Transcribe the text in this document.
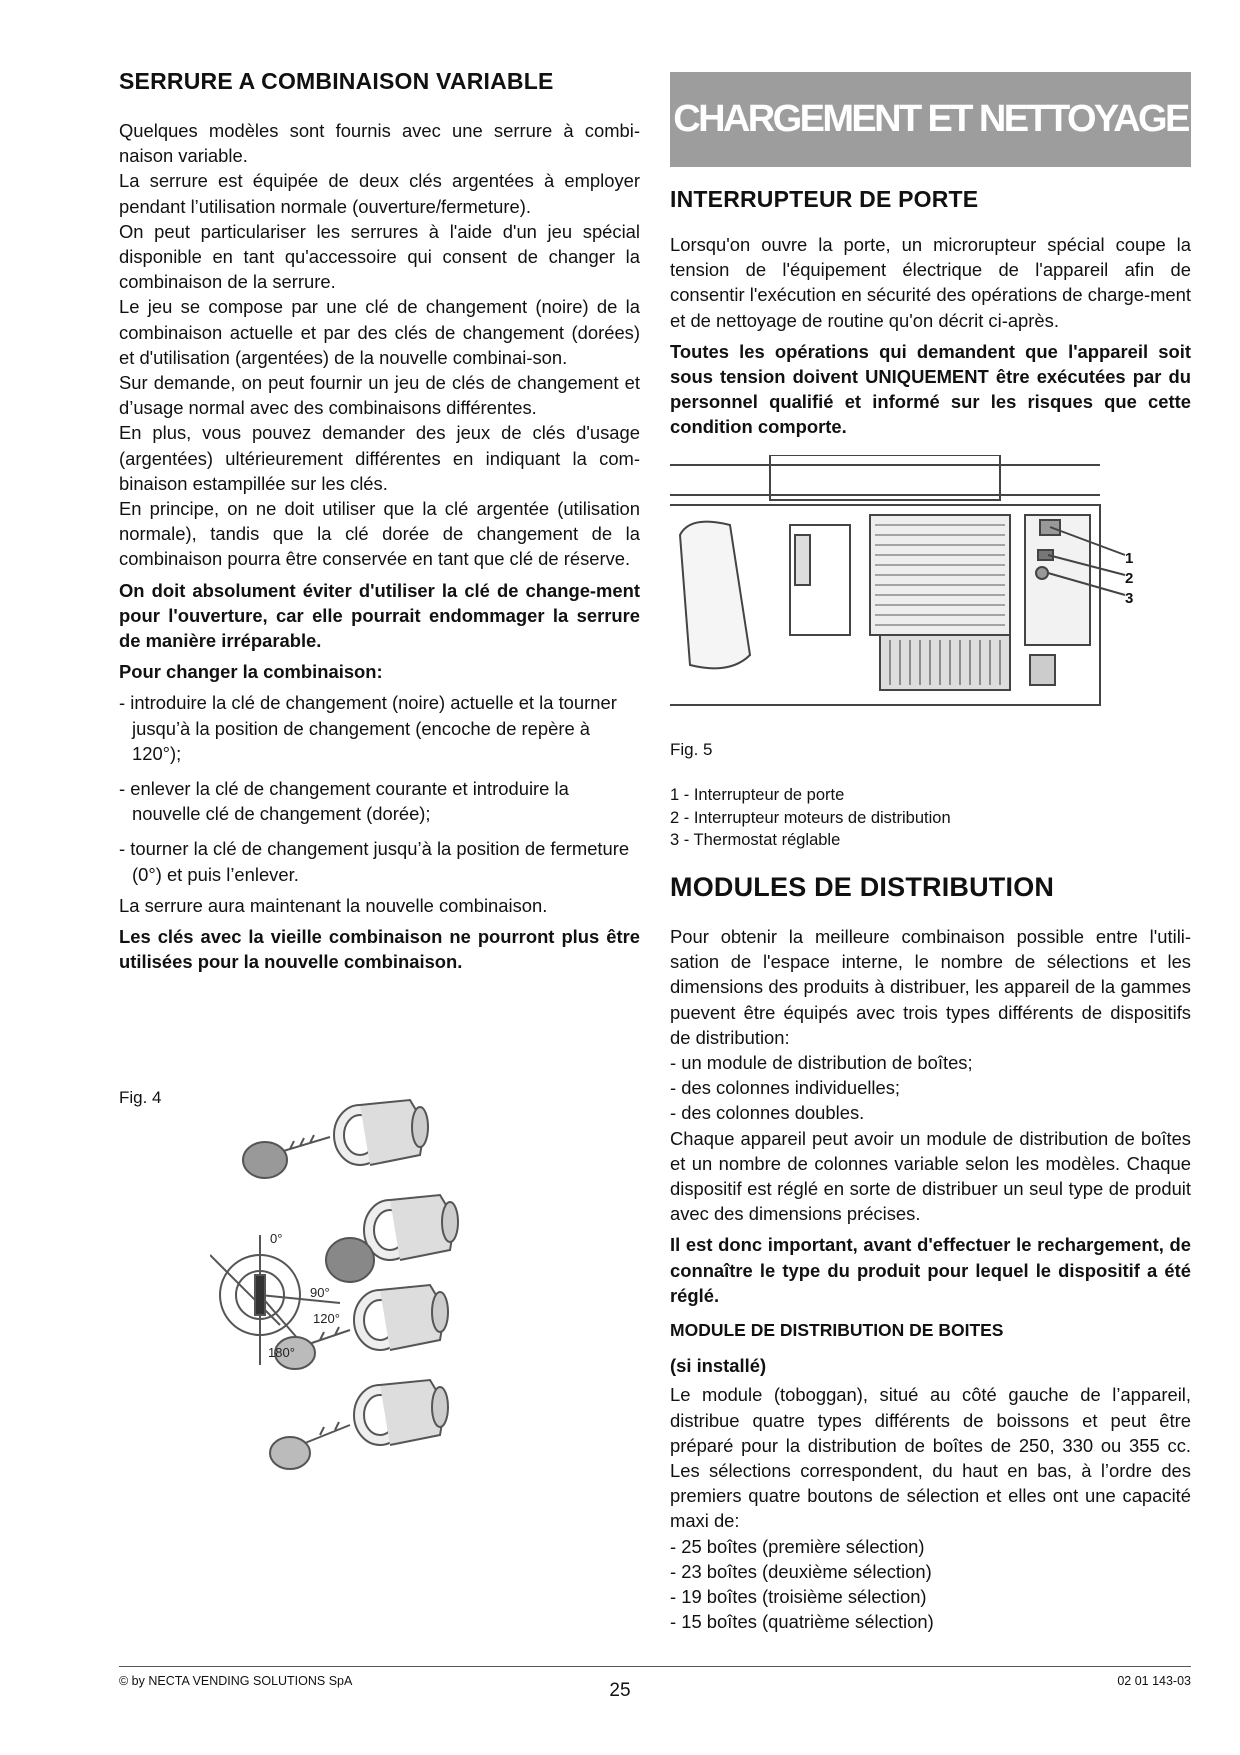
SERRURE A COMBINAISON VARIABLE

Quelques modèles sont fournis avec une serrure à combi-naison variable.

La serrure est équipée de deux clés argentées à employer pendant l’utilisation normale (ouverture/fermeture).

On peut particulariser les serrures à l'aide d'un jeu spécial disponible en tant qu'accessoire qui consent de changer la combinaison de la serrure.

Le jeu se compose par une clé de changement (noire) de la combinaison actuelle et par des clés de changement (dorées) et d'utilisation (argentées) de la nouvelle combinai-son.

Sur demande, on peut fournir un jeu de clés de changement et d’usage normal avec des combinaisons différentes.

En plus, vous pouvez demander des jeux de clés d'usage (argentées) ultérieurement différentes en indiquant la com-binaison estampillée sur les clés.

En principe, on ne doit utiliser que la clé argentée (utilisation normale), tandis que la clé dorée de changement de la combinaison pourra être conservée en tant que clé de réserve.

On doit absolument éviter d'utiliser la clé de change-ment pour l'ouverture, car elle pourrait endommager la serrure de manière irréparable.

Pour changer la combinaison:

- introduire la clé de changement (noire) actuelle et la tourner jusqu’à la position de changement (encoche de repère à 120°);

- enlever la clé de changement courante et introduire la nouvelle clé de changement (dorée);

- tourner la clé de changement jusqu’à la position de fermeture (0°) et puis l’enlever.

La serrure aura maintenant la nouvelle combinaison.

Les clés avec la vieille combinaison ne pourront plus être utilisées pour la nouvelle combinaison.

Fig. 4
0°
90°
120°
180°
CHARGEMENT ET NETTOYAGE
INTERRUPTEUR DE PORTE

Lorsqu'on ouvre la porte, un microrupteur spécial coupe la tension de l'équipement électrique de l'appareil afin de consentir l'exécution en sécurité des opérations de charge-ment et de nettoyage de routine qu'on décrit ci-après.

Toutes les opérations qui demandent que l'appareil soit sous tension doivent UNIQUEMENT être exécutées par du personnel qualifié et informé sur les risques que cette condition comporte.

1
2
3
Fig. 5
1 - Interrupteur de porte
2 - Interrupteur moteurs de distribution
3 - Thermostat réglable
MODULES DE DISTRIBUTION

Pour obtenir la meilleure combinaison possible entre l'utili-sation de l'espace interne, le nombre de sélections et les dimensions des produits à distribuer, les appareil de la gammes puevent être équipés avec trois types différents de dispositifs de distribution:

- un module de distribution de boîtes;

- des colonnes individuelles;

- des colonnes doubles.

Chaque appareil peut avoir un module de distribution de boîtes et un nombre de colonnes variable selon les modèles. Chaque dispositif est réglé en sorte de distribuer un seul type de produit avec des dimensions précises.

Il est donc important, avant d'effectuer le rechargement, de connaître le type du produit pour lequel le dispositif a été réglé.

MODULE DE DISTRIBUTION DE BOITES

(si installé)

Le module (toboggan), situé au côté gauche de l’appareil, distribue quatre types différents de boissons et peut être préparé pour la distribution de boîtes de 250, 330 ou 355 cc. Les sélections correspondent, du haut en bas, à l’ordre des premiers quatre boutons de sélection et elles ont une capacité maxi de:

- 25 boîtes (première sélection)

- 23 boîtes (deuxième sélection)

- 19 boîtes (troisième sélection)

- 15 boîtes (quatrième sélection)

© by NECTA VENDING SOLUTIONS SpA	25	02 01 143-03
